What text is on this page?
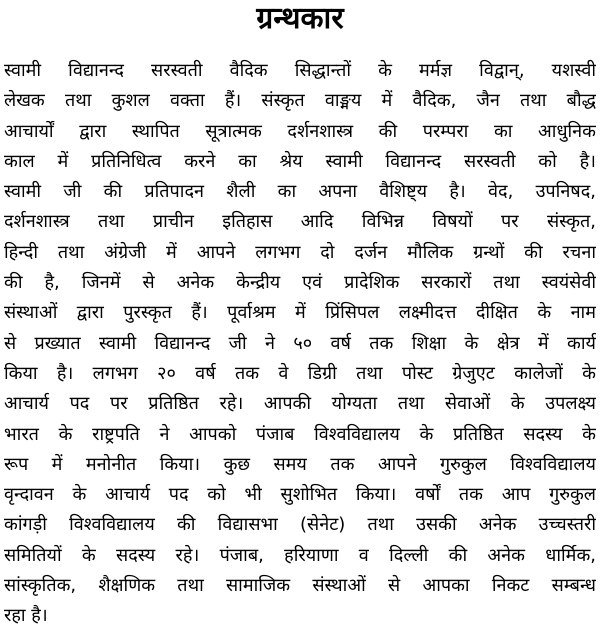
ग्रन्थकार
स्वामी विद्यानन्द सरस्वती वैदिक सिद्धान्तों के मर्मज्ञ विद्वान्, यशस्वी
लेखक तथा कुशल वक्ता हैं। संस्कृत वाङ्मय में वैदिक, जैन तथा बौद्ध
आचार्यों द्वारा स्थापित सूत्रात्मक दर्शनशास्त्र की परम्परा का आधुनिक
काल में प्रतिनिधित्व करने का श्रेय स्वामी विद्यानन्द सरस्वती को है।
स्वामी जी की प्रतिपादन शैली का अपना वैशिष्ट्य है। वेद, उपनिषद,
दर्शनशास्त्र तथा प्राचीन इतिहास आदि विभिन्न विषयों पर संस्कृत,
हिन्दी तथा अंग्रेजी में आपने लगभग दो दर्जन मौलिक ग्रन्थों की रचना
की है, जिनमें से अनेक केन्द्रीय एवं प्रादेशिक सरकारों तथा स्वयंसेवी
संस्थाओं द्वारा पुरस्कृत हैं। पूर्वाश्रम में प्रिंसिपल लक्ष्मीदत्त दीक्षित के नाम
से प्रख्यात स्वामी विद्यानन्द जी ने ५० वर्ष तक शिक्षा के क्षेत्र में कार्य
किया है। लगभग २० वर्ष तक वे डिग्री तथा पोस्ट ग्रेजुएट कालेजों के
आचार्य पद पर प्रतिष्ठित रहे। आपकी योग्यता तथा सेवाओं के उपलक्ष्य
भारत के राष्ट्रपति ने आपको पंजाब विश्वविद्यालय के प्रतिष्ठित सदस्य के
रूप में मनोनीत किया। कुछ समय तक आपने गुरुकुल विश्वविद्यालय
वृन्दावन के आचार्य पद को भी सुशोभित किया। वर्षों तक आप गुरुकुल
कांगड़ी विश्वविद्यालय की विद्यासभा (सेनेट) तथा उसकी अनेक उच्चस्तरी
समितियों के सदस्य रहे। पंजाब, हरियाणा व दिल्ली की अनेक धार्मिक,
सांस्कृतिक, शैक्षणिक तथा सामाजिक संस्थाओं से आपका निकट सम्बन्ध
रहा है।
